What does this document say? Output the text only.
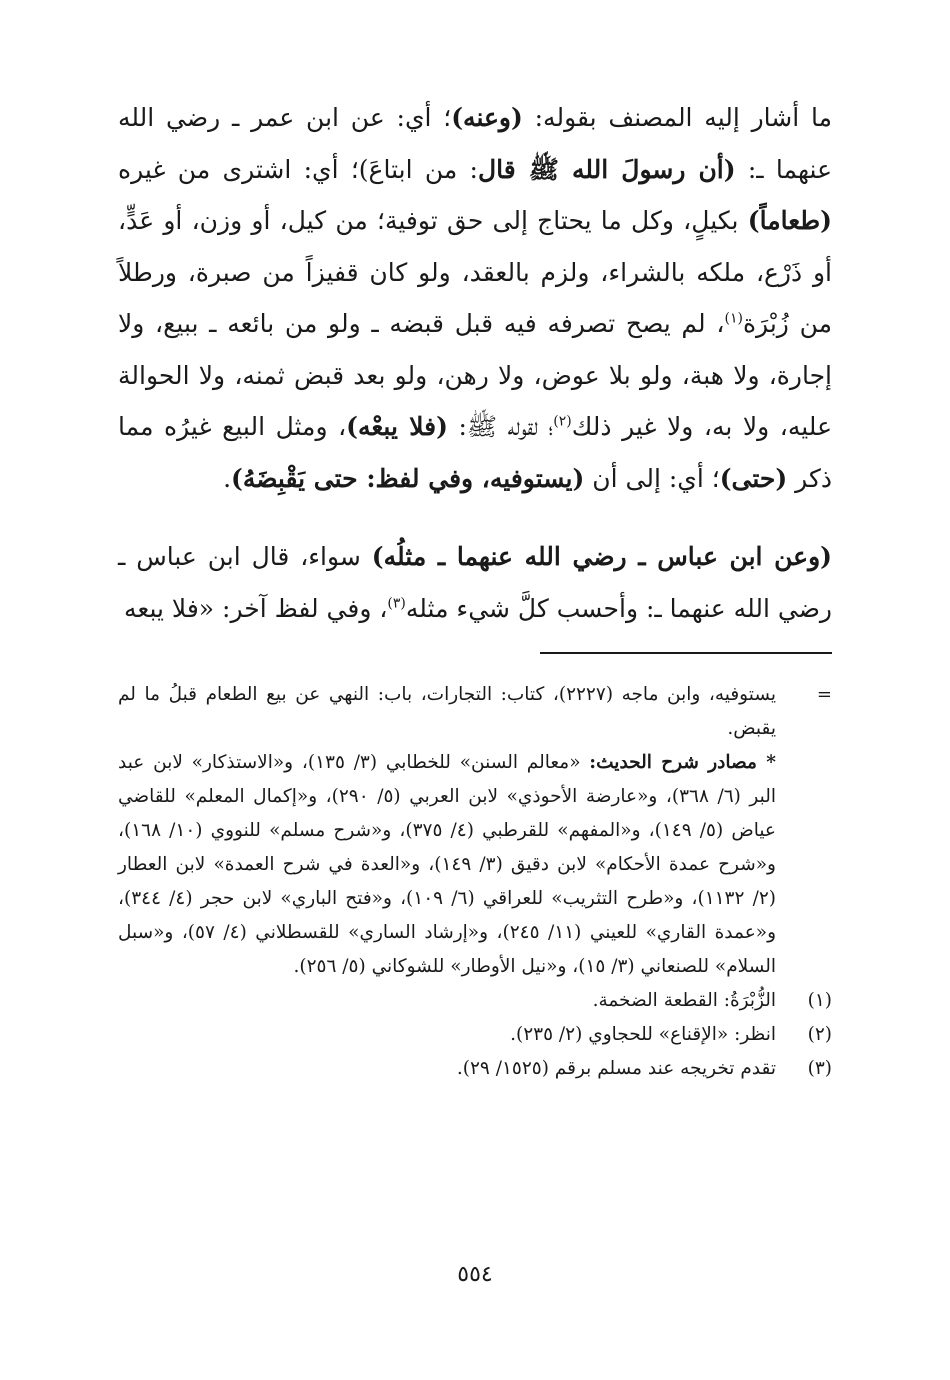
ما أشار إليه المصنف بقوله: (وعنه)؛ أي: عن ابن عمر ـ رضي الله عنهما ـ: (أن رسولَ الله ﷺ قال: من ابتاعَ)؛ أي: اشترى من غيره (طعاماً) بكيلٍ، وكل ما يحتاج إلى حق توفية؛ من كيل، أو وزن، أو عَدٍّ، أو ذَرْع، ملكه بالشراء، ولزم بالعقد، ولو كان قفيزاً من صبرة، ورطلاً من زُبْرَة$^{(١)}$، لم يصح تصرفه فيه قبل قبضه ـ ولو من بائعه ـ ببيع، ولا إجارة، ولا هبة، ولو بلا عوض، ولا رهن، ولو بعد قبض ثمنه، ولا الحوالة عليه، ولا به، ولا غير ذلك$^{(٢)}$؛ لقوله ﷺ: (فلا يبعْه)، ومثل البيع غيرُه مما ذكر (حتى)؛ أي: إلى أن (يستوفيه، وفي لفظ: حتى يَقْبِضَهُ).

(وعن ابن عباس ـ رضي الله عنهما ـ مثلُه) سواء، قال ابن عباس ـ رضي الله عنهما ـ: وأحسب كلَّ شيء مثله$^{(٣)}$، وفي لفظ آخر: «فلا يبعه

=
يستوفيه، وابن ماجه (٢٢٢٧)، كتاب: التجارات، باب: النهي عن بيع الطعام قبلُ ما لم يقبض.
* مصادر شرح الحديث: «معالم السنن» للخطابي (٣/ ١٣٥)، و«الاستذكار» لابن عبد البر (٦/ ٣٦٨)، و«عارضة الأحوذي» لابن العربي (٥/ ٢٩٠)، و«إكمال المعلم» للقاضي عياض (٥/ ١٤٩)، و«المفهم» للقرطبي (٤/ ٣٧٥)، و«شرح مسلم» للنووي (١٠/ ١٦٨)، و«شرح عمدة الأحكام» لابن دقيق (٣/ ١٤٩)، و«العدة في شرح العمدة» لابن العطار (٢/ ١١٣٢)، و«طرح التثريب» للعراقي (٦/ ١٠٩)، و«فتح الباري» لابن حجر (٤/ ٣٤٤)، و«عمدة القاري» للعيني (١١/ ٢٤٥)، و«إرشاد الساري» للقسطلاني (٤/ ٥٧)، و«سبل السلام» للصنعاني (٣/ ١٥)، و«نيل الأوطار» للشوكاني (٥/ ٢٥٦).
(١)
الزُّبْرَةُ: القطعة الضخمة.
(٢)
انظر: «الإقناع» للحجاوي (٢/ ٢٣٥).
(٣)
تقدم تخريجه عند مسلم برقم (١٥٢٥/ ٢٩).
٥٥٤
